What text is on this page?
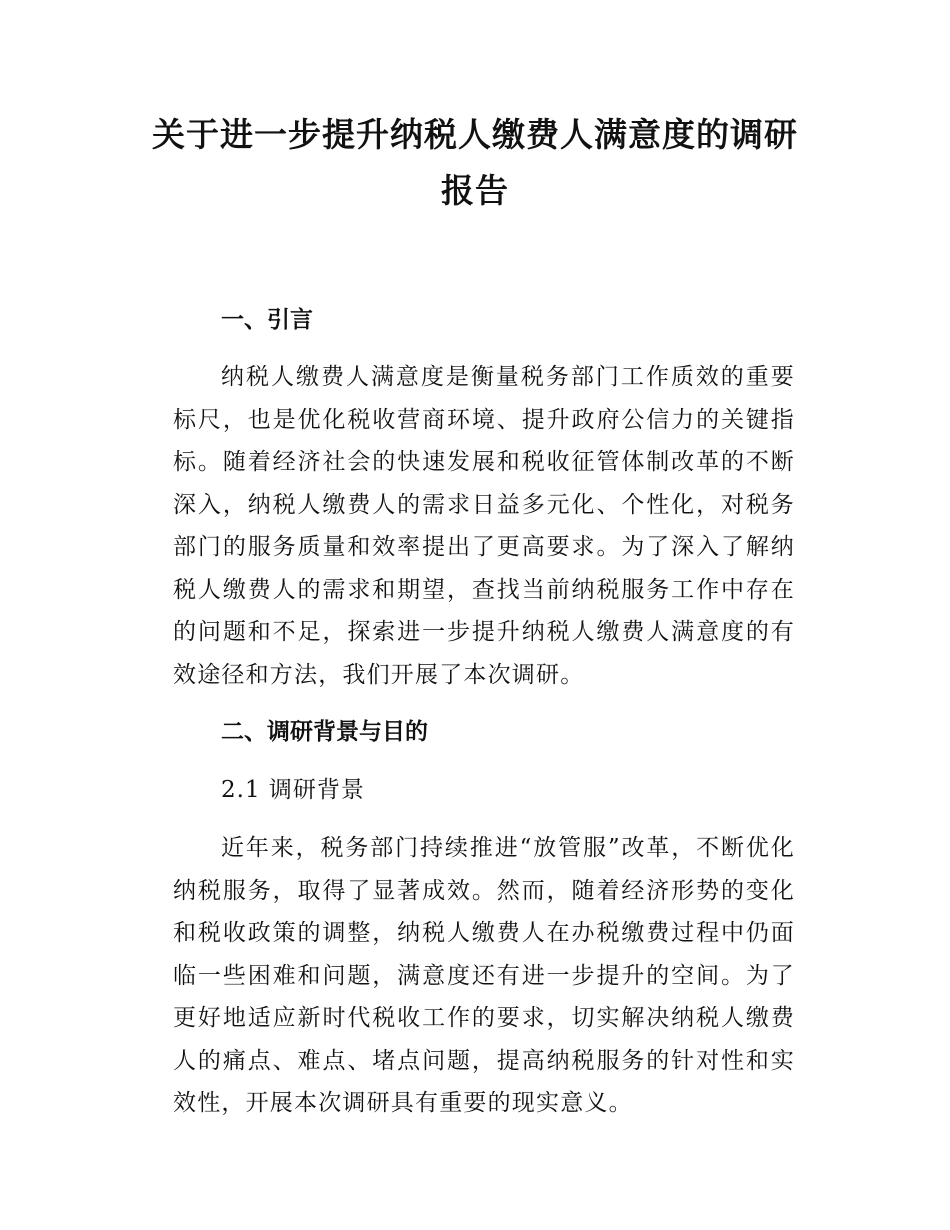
关于进一步提升纳税人缴费人满意度的调研报告
一、引言

纳税人缴费人满意度是衡量税务部门工作质效的重要标尺，也是优化税收营商环境、提升政府公信力的关键指标。随着经济社会的快速发展和税收征管体制改革的不断深入，纳税人缴费人的需求日益多元化、个性化，对税务部门的服务质量和效率提出了更高要求。为了深入了解纳税人缴费人的需求和期望，查找当前纳税服务工作中存在的问题和不足，探索进一步提升纳税人缴费人满意度的有效途径和方法，我们开展了本次调研。

二、调研背景与目的
2.1 调研背景

近年来，税务部门持续推进“放管服”改革，不断优化纳税服务，取得了显著成效。然而，随着经济形势的变化和税收政策的调整，纳税人缴费人在办税缴费过程中仍面临一些困难和问题，满意度还有进一步提升的空间。为了更好地适应新时代税收工作的要求，切实解决纳税人缴费人的痛点、难点、堵点问题，提高纳税服务的针对性和实效性，开展本次调研具有重要的现实意义。
